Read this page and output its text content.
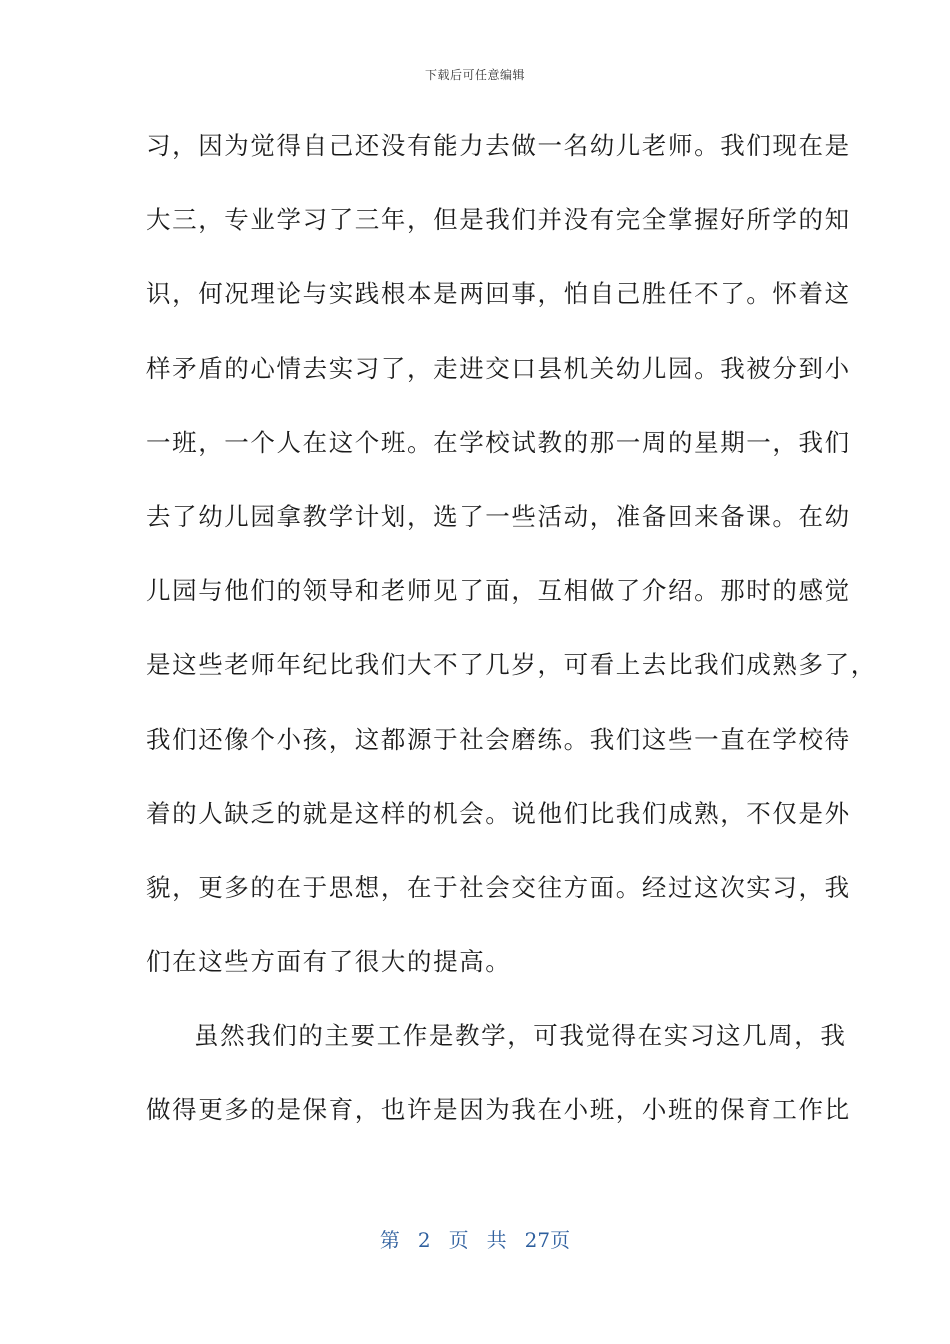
下载后可任意编辑
习，因为觉得自己还没有能力去做一名幼儿老师。我们现在是
大三，专业学习了三年，但是我们并没有完全掌握好所学的知
识，何况理论与实践根本是两回事，怕自己胜任不了。怀着这
样矛盾的心情去实习了，走进交口县机关幼儿园。我被分到小
一班，一个人在这个班。在学校试教的那一周的星期一，我们
去了幼儿园拿教学计划，选了一些活动，准备回来备课。在幼
儿园与他们的领导和老师见了面，互相做了介绍。那时的感觉
是这些老师年纪比我们大不了几岁，可看上去比我们成熟多了，
我们还像个小孩，这都源于社会磨练。我们这些一直在学校待
着的人缺乏的就是这样的机会。说他们比我们成熟，不仅是外
貌，更多的在于思想，在于社会交往方面。经过这次实习，我
们在这些方面有了很大的提高。
虽然我们的主要工作是教学，可我觉得在实习这几周，我
做得更多的是保育，也许是因为我在小班，小班的保育工作比
第 2 页 共 27页
